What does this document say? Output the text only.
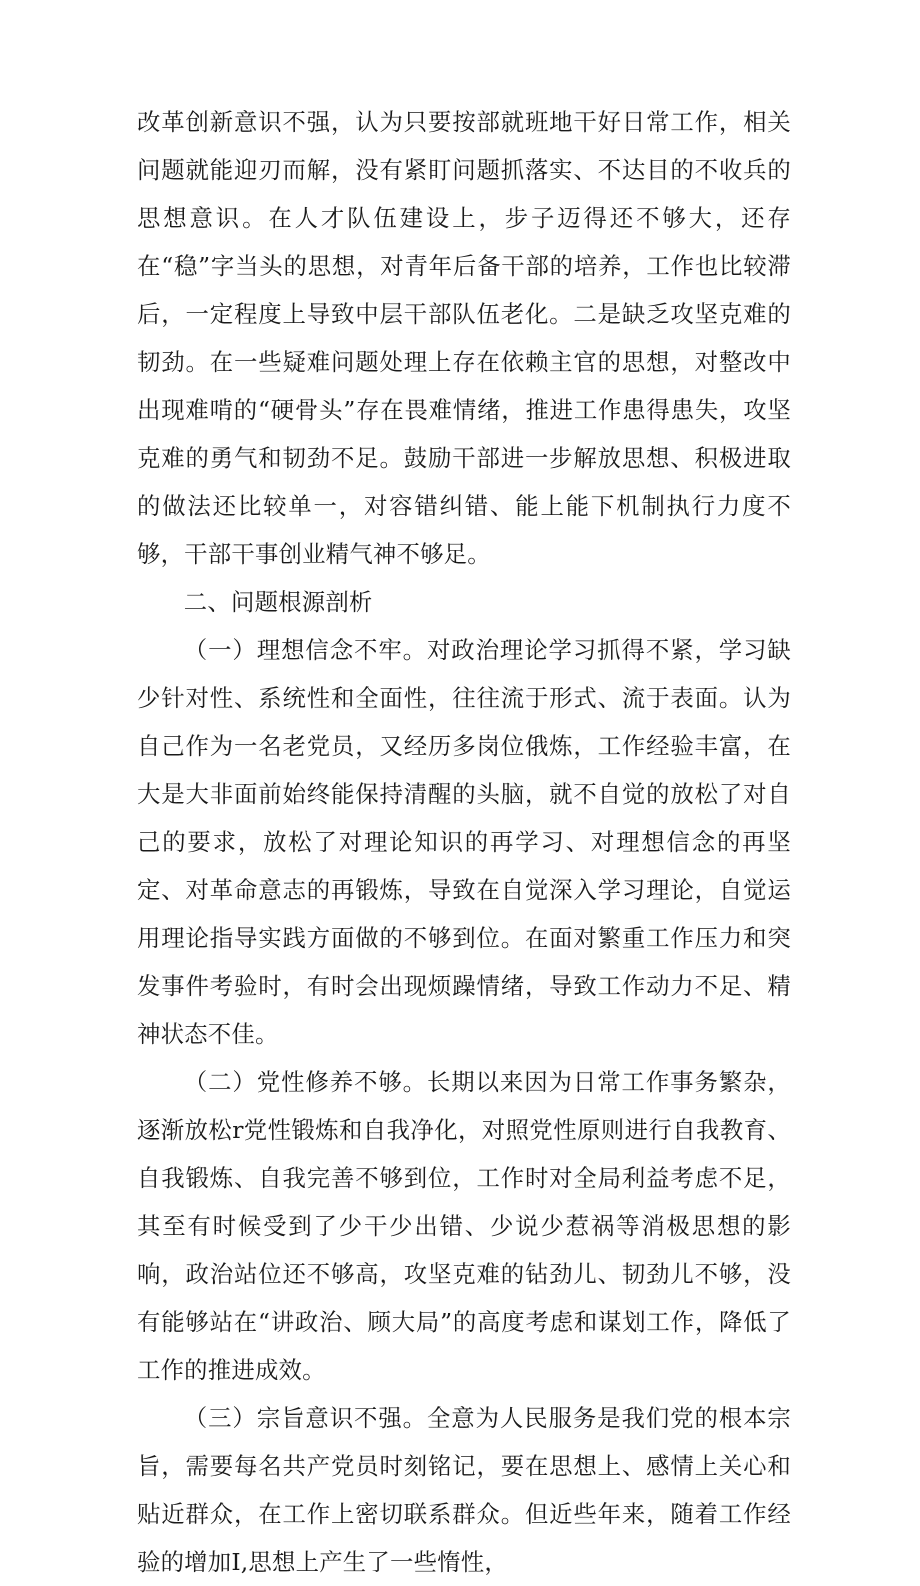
改革创新意识不强，认为只要按部就班地干好日常工作，相关问题就能迎刃而解，没有紧盯问题抓落实、不达目的不收兵的思想意识。在人才队伍建设上，步子迈得还不够大，还存在“稳”字当头的思想，对青年后备干部的培养，工作也比较滞后，一定程度上导致中层干部队伍老化。二是缺乏攻坚克难的韧劲。在一些疑难问题处理上存在依赖主官的思想，对整改中出现难啃的“硬骨头”存在畏难情绪，推进工作患得患失，攻坚克难的勇气和韧劲不足。鼓励干部进一步解放思想、积极进取的做法还比较单一，对容错纠错、能上能下机制执行力度不够，干部干事创业精气神不够足。

二、问题根源剖析

（一）理想信念不牢。对政治理论学习抓得不紧，学习缺少针对性、系统性和全面性，往往流于形式、流于表面。认为自己作为一名老党员，又经历多岗位俄炼，工作经验丰富，在大是大非面前始终能保持清醒的头脑，就不自觉的放松了对自己的要求，放松了对理论知识的再学习、对理想信念的再坚定、对革命意志的再锻炼，导致在自觉深入学习理论，自觉运用理论指导实践方面做的不够到位。在面对繁重工作压力和突发事件考验时，有时会出现烦躁情绪，导致工作动力不足、精神状态不佳。

（二）党性修养不够。长期以来因为日常工作事务繁杂，逐渐放松r党性锻炼和自我净化，对照党性原则进行自我教育、自我锻炼、自我完善不够到位，工作时对全局利益考虑不足，其至有时候受到了少干少出错、少说少惹祸等消极思想的影响，政治站位还不够高，攻坚克难的钻劲儿、韧劲儿不够，没有能够站在“讲政治、顾大局”的高度考虑和谋划工作，降低了工作的推进成效。

（三）宗旨意识不强。全意为人民服务是我们党的根本宗旨，需要每名共产党员时刻铭记，要在思想上、感情上关心和贴近群众，在工作上密切联系群众。但近些年来，随着工作经验的增加I,思想上产生了一些惰性，
